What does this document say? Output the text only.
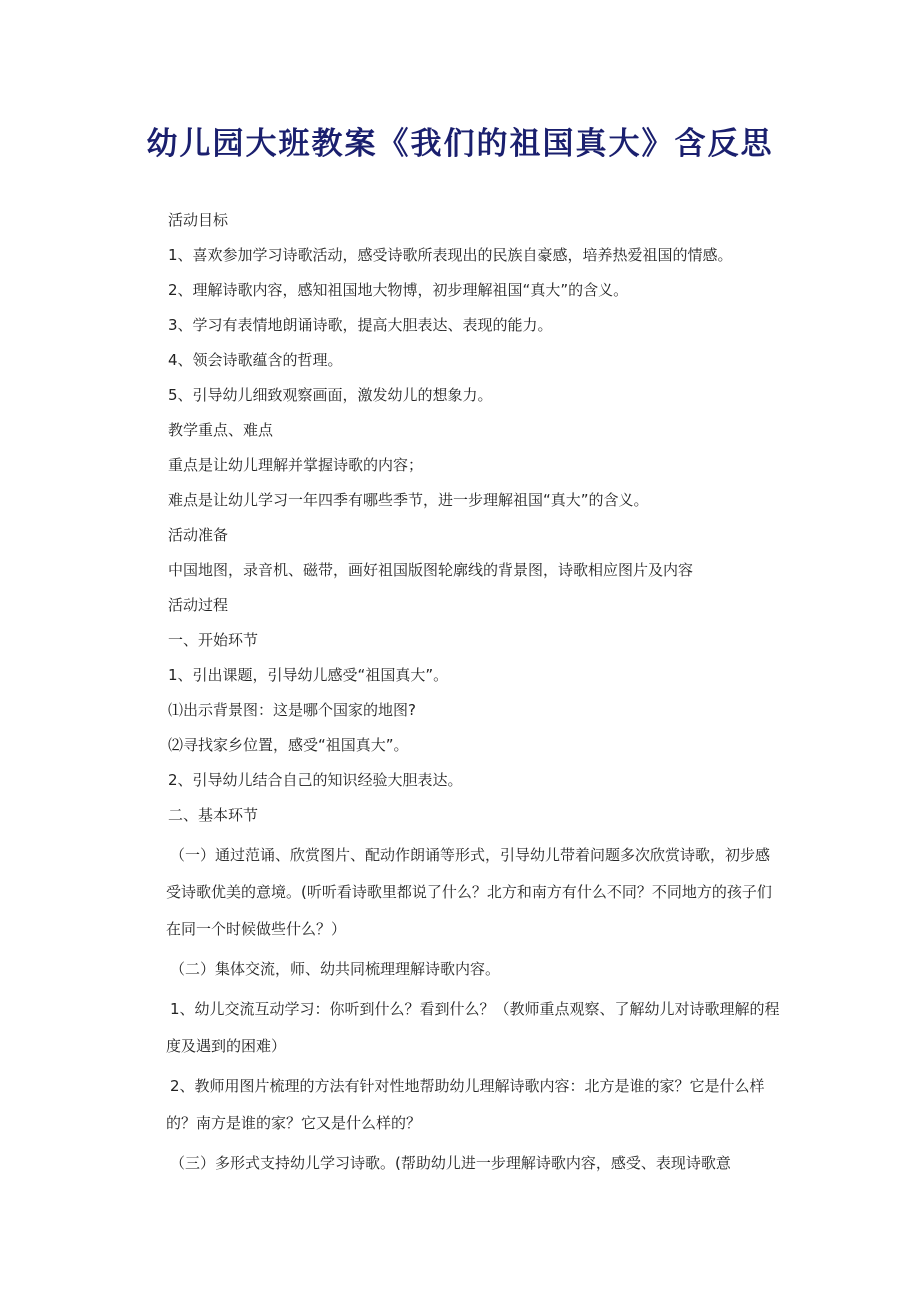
幼儿园大班教案《我们的祖国真大》含反思
活动目标
1、喜欢参加学习诗歌活动，感受诗歌所表现出的民族自豪感，培养热爱祖国的情感。
2、理解诗歌内容，感知祖国地大物博，初步理解祖国“真大”的含义。
3、学习有表情地朗诵诗歌，提高大胆表达、表现的能力。
4、领会诗歌蕴含的哲理。
5、引导幼儿细致观察画面，激发幼儿的想象力。
教学重点、难点
重点是让幼儿理解并掌握诗歌的内容；
难点是让幼儿学习一年四季有哪些季节，进一步理解祖国“真大”的含义。
活动准备
中国地图，录音机、磁带，画好祖国版图轮廓线的背景图，诗歌相应图片及内容
活动过程
一、开始环节
1、引出课题，引导幼儿感受“祖国真大”。
⑴出示背景图：这是哪个国家的地图?
⑵寻找家乡位置，感受“祖国真大”。
2、引导幼儿结合自己的知识经验大胆表达。
二、基本环节
（一）通过范诵、欣赏图片、配动作朗诵等形式，引导幼儿带着问题多次欣赏诗歌，初步感受诗歌优美的意境。(听听看诗歌里都说了什么？北方和南方有什么不同？不同地方的孩子们在同一个时候做些什么？）
（二）集体交流，师、幼共同梳理理解诗歌内容。
1、幼儿交流互动学习：你听到什么？看到什么？（教师重点观察、了解幼儿对诗歌理解的程度及遇到的困难）
2、教师用图片梳理的方法有针对性地帮助幼儿理解诗歌内容：北方是谁的家？它是什么样的？南方是谁的家？它又是什么样的？
（三）多形式支持幼儿学习诗歌。(帮助幼儿进一步理解诗歌内容，感受、表现诗歌意
